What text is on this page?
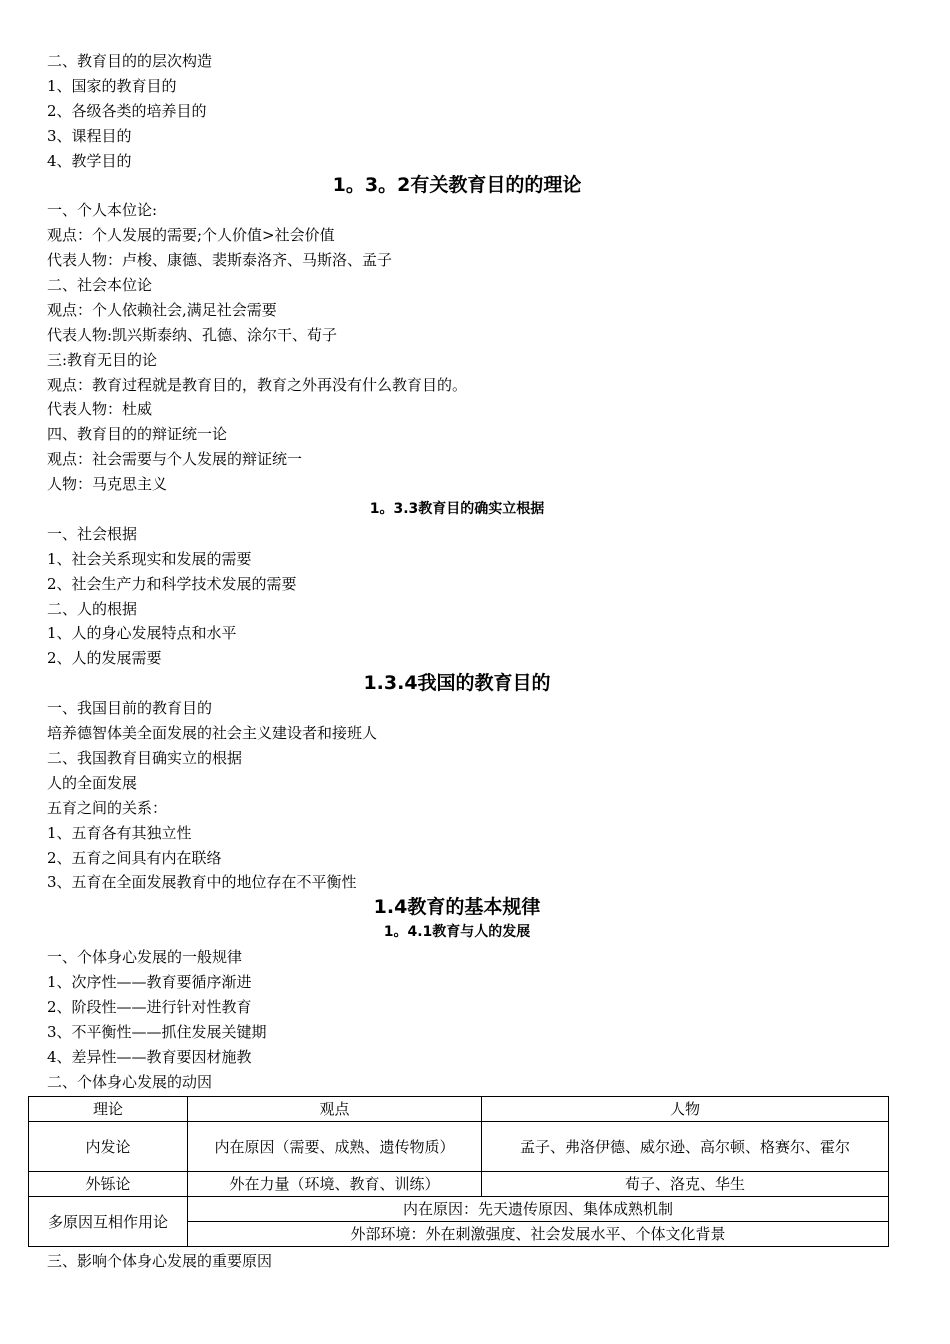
二、教育目的的层次构造
1、国家的教育目的
2、各级各类的培养目的
3、课程目的
4、教学目的
1。3。2有关教育目的的理论
一、个人本位论:
观点：个人发展的需要;个人价值>社会价值
代表人物：卢梭、康德、裴斯泰洛齐、马斯洛、孟子
二、社会本位论
观点：个人依赖社会,满足社会需要
代表人物:凯兴斯泰纳、孔德、涂尔干、荀子
三:教育无目的论
观点：教育过程就是教育目的，教育之外再没有什么教育目的。
代表人物：杜威
四、教育目的的辩证统一论
观点：社会需要与个人发展的辩证统一
人物：马克思主义
1。3.3教育目的确实立根据
一、社会根据
1、社会关系现实和发展的需要
2、社会生产力和科学技术发展的需要
二、人的根据
1、人的身心发展特点和水平
2、人的发展需要
1.3.4我国的教育目的
一、我国目前的教育目的
培养德智体美全面发展的社会主义建设者和接班人
二、我国教育目确实立的根据
人的全面发展
五育之间的关系：
1、五育各有其独立性
2、五育之间具有内在联络
3、五育在全面发展教育中的地位存在不平衡性
1.4教育的基本规律
1。4.1教育与人的发展
一、个体身心发展的一般规律
1、次序性——教育要循序渐进
2、阶段性——进行针对性教育
3、不平衡性——抓住发展关键期
4、差异性——教育要因材施教
二、个体身心发展的动因
理论	观点	人物
内发论	内在原因（需要、成熟、遗传物质）	孟子、弗洛伊德、威尔逊、高尔顿、格赛尔、霍尔
外铄论	外在力量（环境、教育、训练）	荀子、洛克、华生
多原因互相作用论	内在原因：先天遗传原因、集体成熟机制	
	外部环境：外在刺激强度、社会发展水平、个体文化背景	
三、影响个体身心发展的重要原因
